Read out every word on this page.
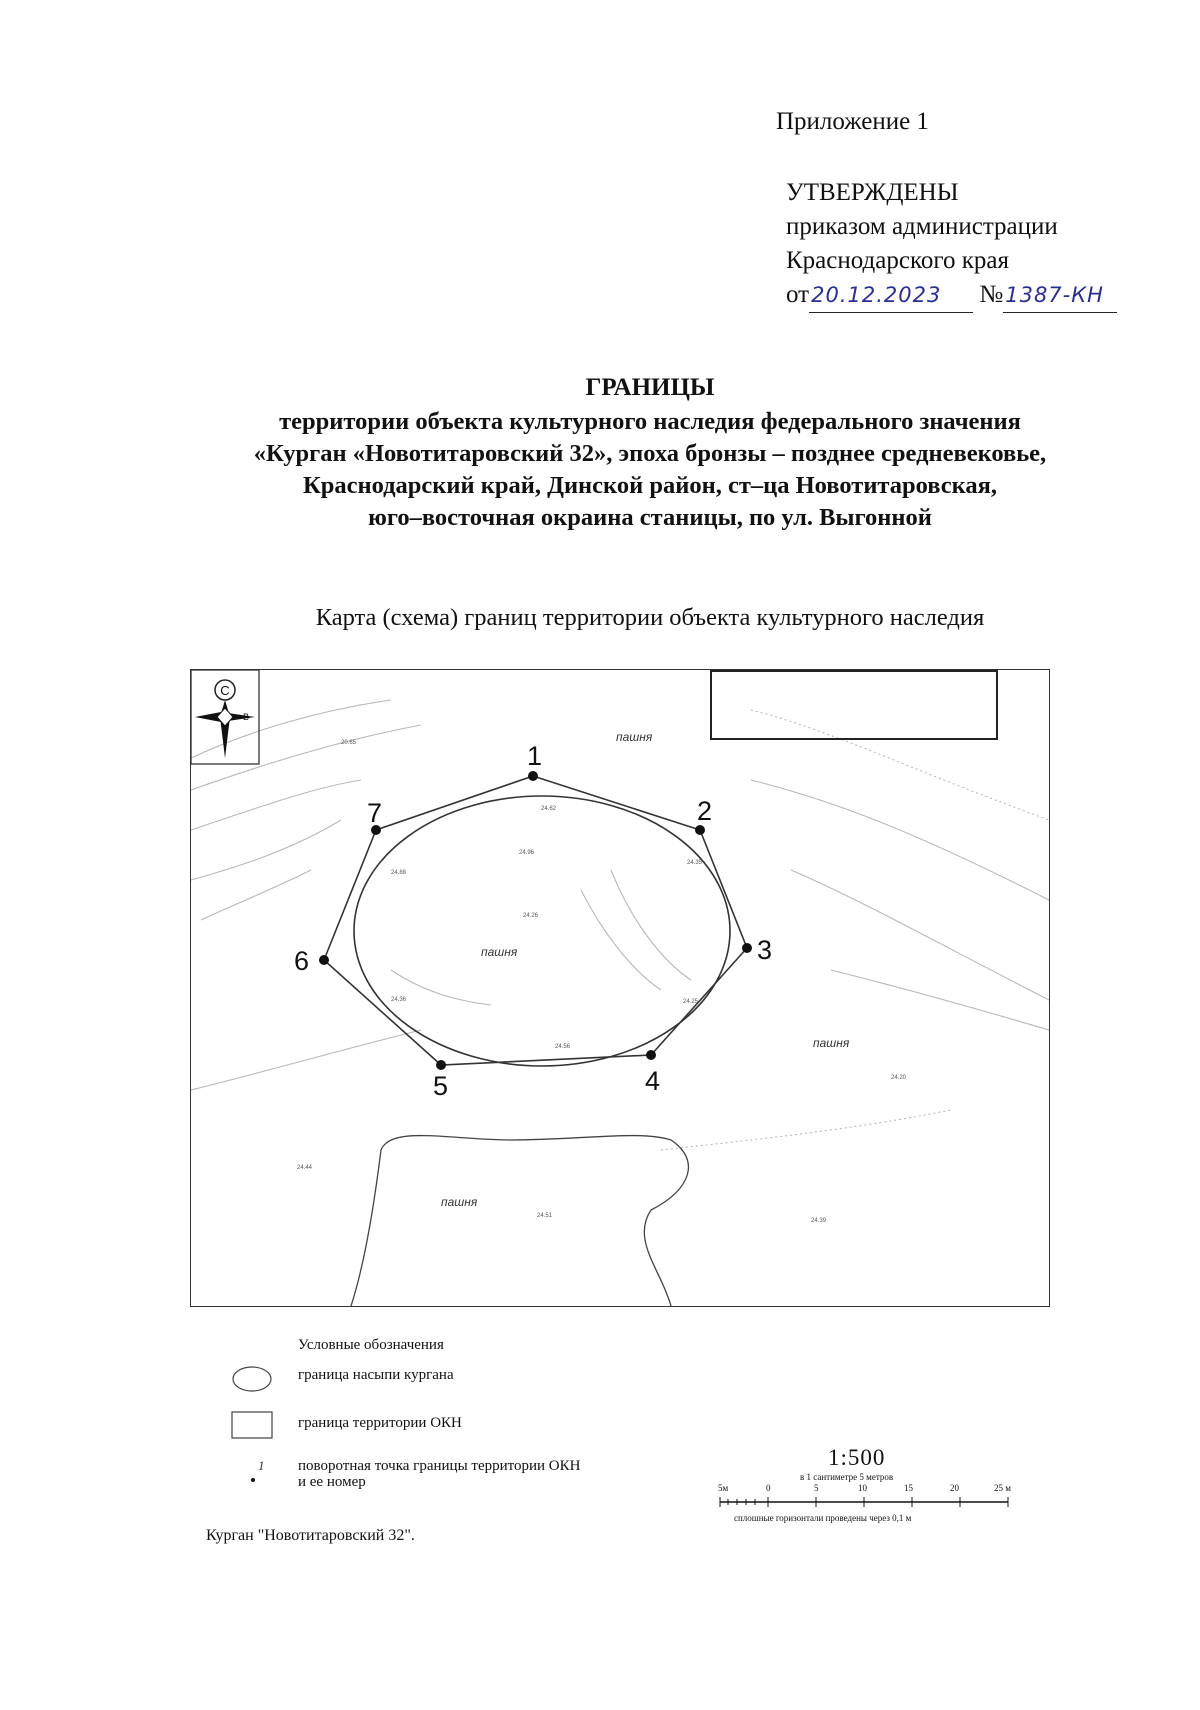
Приложение 1
УТВЕРЖДЕНЫ
приказом администрации
Краснодарского края
от20.12.2023 №1387-КН
ГРАНИЦЫ
территории объекта культурного наследия федерального значения
«Курган «Новотитаровский 32», эпоха бронзы – позднее средневековье,
Краснодарский край, Динской район, ст–ца Новотитаровская,
юго–восточная окраина станицы, по ул. Выгонной
Карта (схема) границ территории объекта культурного наследия
С
В
1
2
3
4
5
6
7
пашня
пашня
пашня
пашня
20.65
24.62
24.96
24.88
24.35
24.26
24.36	24.25
24.56
24.20
24.44
24.51
24.39
Условные обозначения
граница насыпи кургана
граница территории ОКН
1 поворотная точка границы территории ОКН и ее номер
1:500
в 1 сантиметре 5 метров
5м	0	5	10	15	20	25 м
сплошные горизонтали проведены через 0,1 м
Курган "Новотитаровский 32".
